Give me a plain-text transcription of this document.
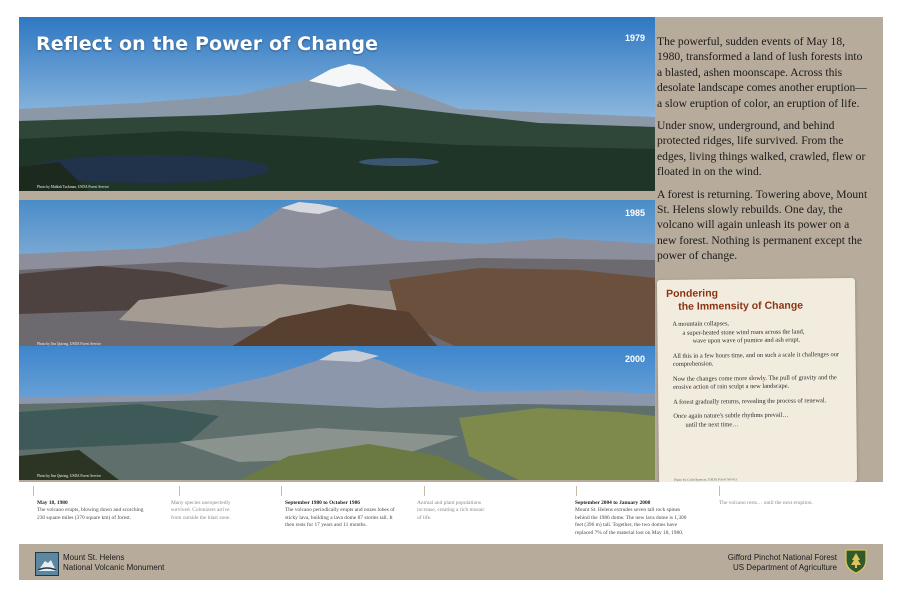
1979
Photo by Mahlah Tuckman, USDA Forest Service
Reflect on the Power of Change
1985
Photo by Jim Quiring, USDA Forest Service
2000
Photo by Jim Quiring, USDA Forest Service

The powerful, sudden events of May 18, 1980, transformed a land of lush forests into a blasted, ashen moonscape. Across this desolate landscape comes another eruption—a slow eruption of color, an eruption of life.

Under snow, underground, and behind protected ridges, life survived. From the edges, living things walked, crawled, flew or floated in on the wind.

A forest is returning. Towering above, Mount St. Helens slowly rebuilds. One day, the volcano will again unleash its power on a new forest. Nothing is permanent except the power of change.

Pondering
the Immensity of Change

A mountain collapses,
a super-heated stone wind roars across the land,
wave upon wave of pumice and ash erupt.

All this in a few hours time, and on such a scale it challenges our comprehension.

Now the changes come more slowly. The pull of gravity and the erosive action of rain sculpt a new landscape.

A forest gradually returns, revealing the process of renewal.

Once again nature's subtle rhythms prevail…
until the next time…

Photo by Colin Spencer, USDA Forest Service
May 18, 1980
The volcano erupts, blowing down and scorching 230 square miles (370 square km) of forest.
Many species unexpectedly survived. Colonizers arrive from outside the blast zone.
September 1980 to October 1986
The volcano periodically erupts and oozes lobes of sticky lava, building a lava dome 87 stories tall. It then rests for 17 years and 11 months.
Animal and plant populations increase, creating a rich mosaic of life.
September 2004 to January 2008
Mount St. Helens extrudes seven tall rock spines behind the 1986 dome. The new lava dome is 1,300 feet (396 m) tall. Together, the two domes have replaced 7% of the material lost on May 18, 1980.
The volcano rests… until the next eruption.
Mount St. Helens
National Volcanic Monument
Gifford Pinchot National Forest
US Department of Agriculture
